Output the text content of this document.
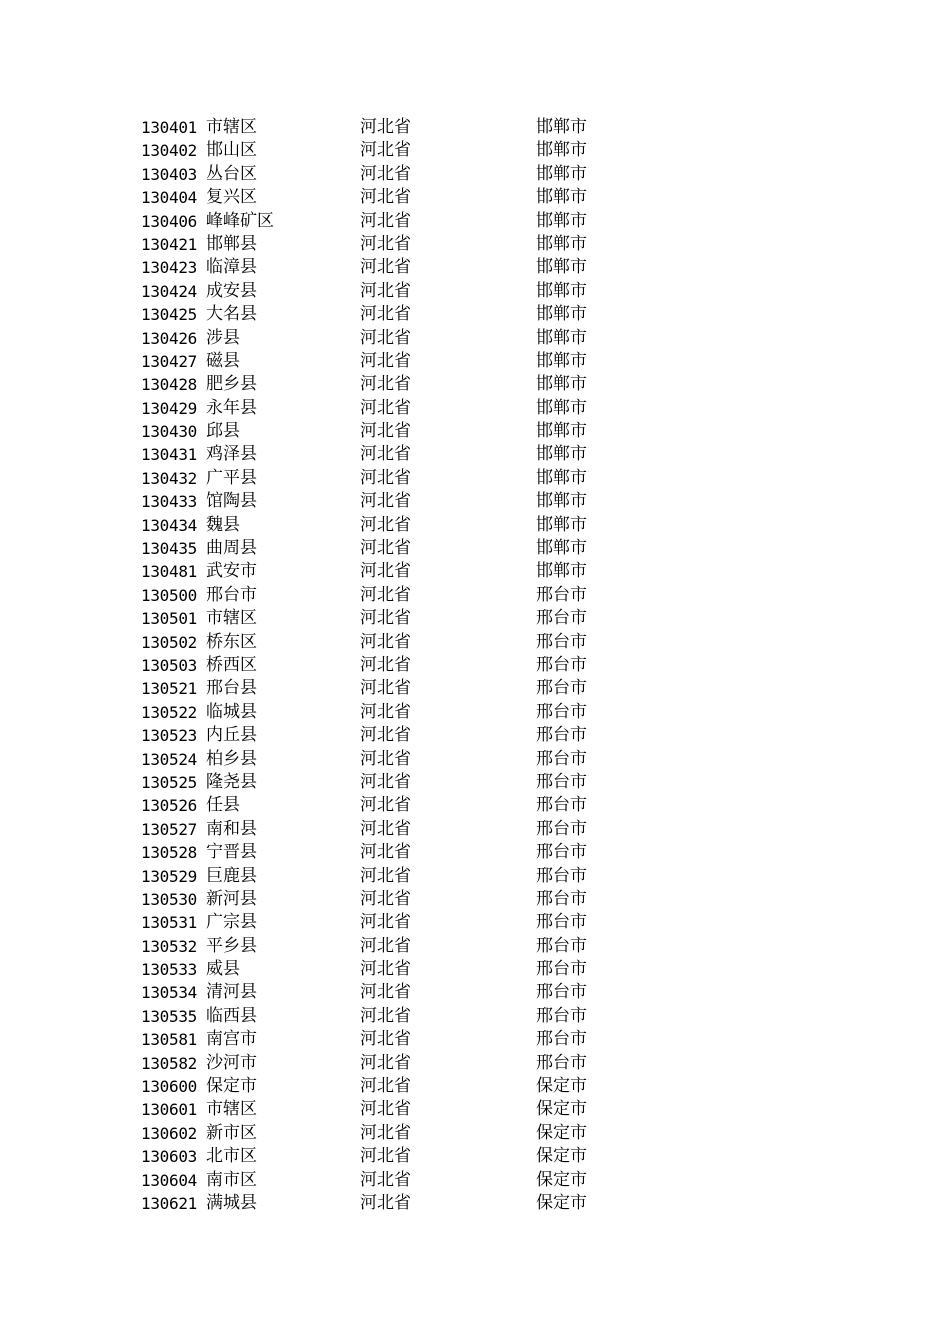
130401 市辖区	河北省	邯郸市
130402 邯山区	河北省	邯郸市
130403 丛台区	河北省	邯郸市
130404 复兴区	河北省	邯郸市
130406 峰峰矿区	河北省	邯郸市
130421 邯郸县	河北省	邯郸市
130423 临漳县	河北省	邯郸市
130424 成安县	河北省	邯郸市
130425 大名县	河北省	邯郸市
130426 涉县	河北省	邯郸市
130427 磁县	河北省	邯郸市
130428 肥乡县	河北省	邯郸市
130429 永年县	河北省	邯郸市
130430 邱县	河北省	邯郸市
130431 鸡泽县	河北省	邯郸市
130432 广平县	河北省	邯郸市
130433 馆陶县	河北省	邯郸市
130434 魏县	河北省	邯郸市
130435 曲周县	河北省	邯郸市
130481 武安市	河北省	邯郸市
130500 邢台市	河北省	邢台市
130501 市辖区	河北省	邢台市
130502 桥东区	河北省	邢台市
130503 桥西区	河北省	邢台市
130521 邢台县	河北省	邢台市
130522 临城县	河北省	邢台市
130523 内丘县	河北省	邢台市
130524 柏乡县	河北省	邢台市
130525 隆尧县	河北省	邢台市
130526 任县	河北省	邢台市
130527 南和县	河北省	邢台市
130528 宁晋县	河北省	邢台市
130529 巨鹿县	河北省	邢台市
130530 新河县	河北省	邢台市
130531 广宗县	河北省	邢台市
130532 平乡县	河北省	邢台市
130533 威县	河北省	邢台市
130534 清河县	河北省	邢台市
130535 临西县	河北省	邢台市
130581 南宫市	河北省	邢台市
130582 沙河市	河北省	邢台市
130600 保定市	河北省	保定市
130601 市辖区	河北省	保定市
130602 新市区	河北省	保定市
130603 北市区	河北省	保定市
130604 南市区	河北省	保定市
130621 满城县	河北省	保定市
